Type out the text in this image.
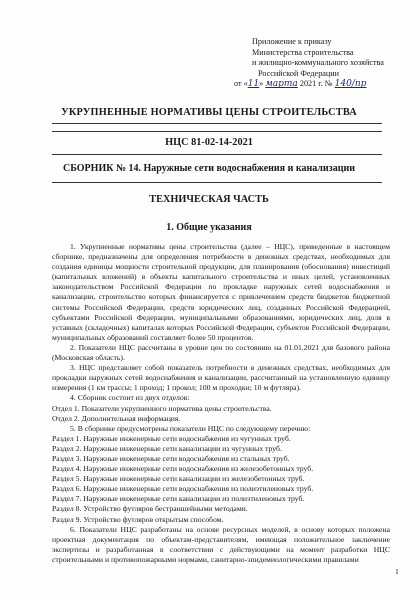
Приложение к приказу
Министерства строительства
и жилищно-коммунального хозяйства
Российской Федерации
от «11» марта 2021 г. № 140/пр
УКРУПНЕННЫЕ НОРМАТИВЫ ЦЕНЫ СТРОИТЕЛЬСТВА
НЦС 81-02-14-2021
СБОРНИК № 14. Наружные сети водоснабжения и канализации
ТЕХНИЧЕСКАЯ ЧАСТЬ
1. Общие указания

1. Укрупненные нормативы цены строительства (далее – НЦС), приведенные в настоящем сборнике, предназначены для определения потребности в денежных средствах, необходимых для создания единицы мощности строительной продукции, для планирования (обоснования) инвестиций (капитальных вложений) в объекты капитального строительства и иных целей, установленных законодательством Российской Федерации по прокладке наружных сетей водоснабжения и канализации, строительство которых финансируется с привлечением средств бюджетов бюджетной системы Российской Федерации, средств юридических лиц, созданных Российской Федерацией, субъектами Российской Федерации, муниципальными образованиями, юридических лиц, доля в уставных (складочных) капиталах которых Российской Федерации, субъектов Российской Федерации, муниципальных образований составляет более 50 процентов.

2. Показатели НЦС рассчитаны в уровне цен по состоянию на 01.01.2021 для базового района (Московская область).

3. НЦС представляет собой показатель потребности в денежных средствах, необходимых для прокладки наружных сетей водоснабжения и канализации, рассчитанный на установленную единицу измерения (1 км трассы; 1 проход; 1 прокол; 100 м проходки; 10 м футляра).

4. Сборник состоит из двух отделов:
Отдел 1. Показатели укрупненного норматива цены строительства.
Отдел 2. Дополнительная информация.
5. В сборнике предусмотрены показатели НЦС по следующему перечню:
Раздел 1. Наружные инженерные сети водоснабжения из чугунных труб.
Раздел 2. Наружные инженерные сети канализации из чугунных труб.
Раздел 3. Наружные инженерные сети водоснабжения из стальных труб.
Раздел 4. Наружные инженерные сети водоснабжения из железобетонных труб.
Раздел 5. Наружные инженерные сети канализации из железобетонных труб.
Раздел 6. Наружные инженерные сети водоснабжения из полиэтиленовых труб.
Раздел 7. Наружные инженерные сети канализации из полиэтиленовых труб.
Раздел 8. Устройство футляров бестраншейными методами.
Раздел 9. Устройство футляров открытым способом.

6. Показатели НЦС разработаны на основе ресурсных моделей, в основу которых положена проектная документация по объектам-представителям, имеющая положительное заключение экспертизы и разработанная в соответствии с действующими на момент разработки НЦС строительными и противопожарными нормами, санитарно-эпидемиологическими правилами

1
